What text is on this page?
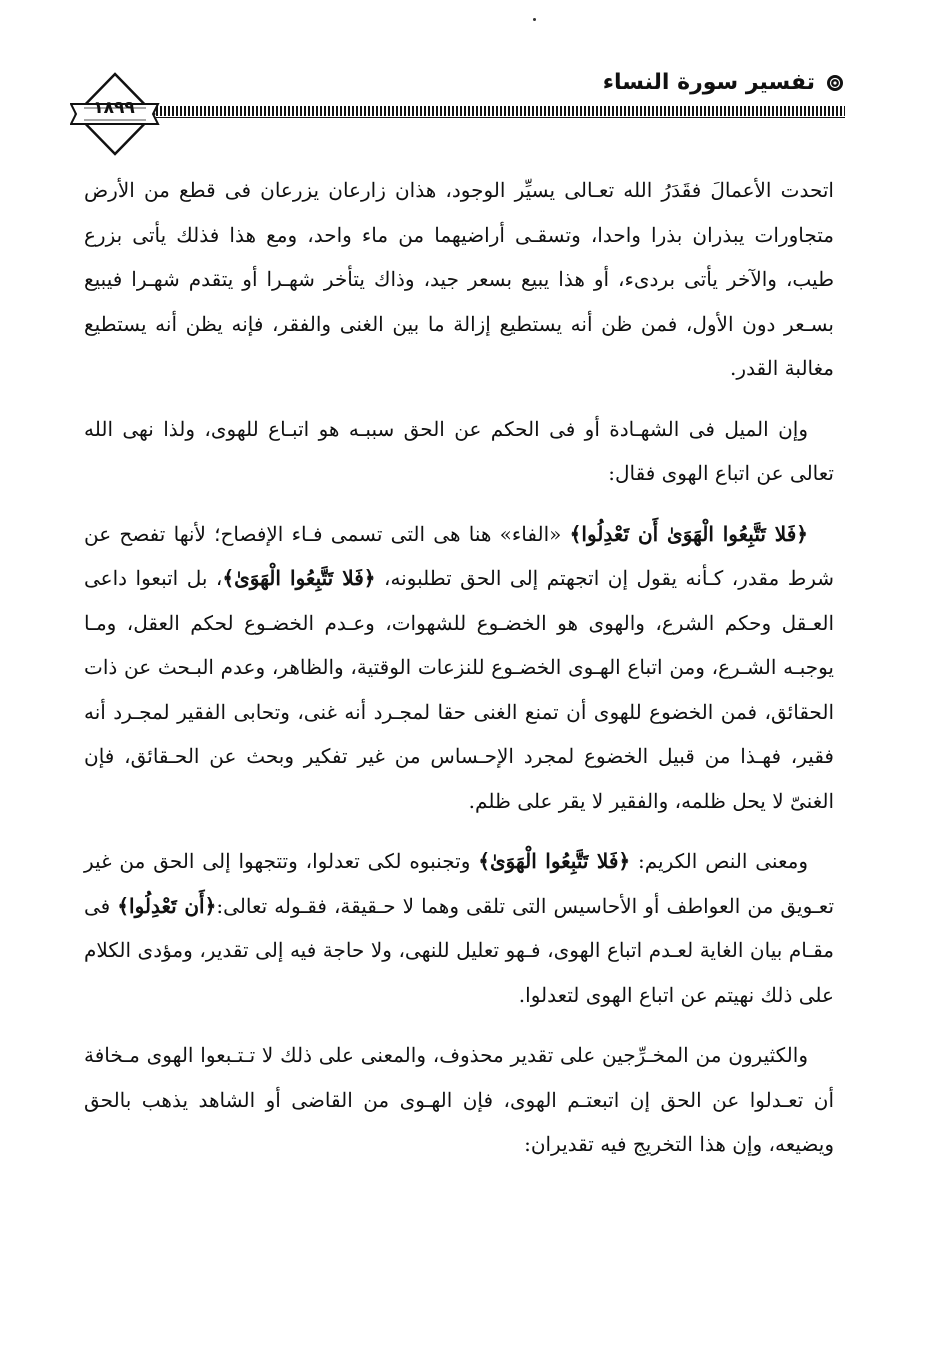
تفسير سورة النساء
١٨٩٩

اتحدت الأعمالَ فقَدَرُ الله تعـالى يسيِّر الوجود، هذان زارعان يزرعان فى قطع من الأرض متجاورات يبذران بذرا واحدا، وتسقـى أراضيهما من ماء واحد، ومع هذا فذلك يأتى بزرع طيب، والآخر يأتى بردىء، أو هذا يبيع بسعر جيد، وذاك يتأخر شهـرا أو يتقدم شهـرا فيبيع بسـعر دون الأول، فمن ظن أنه يستطيع إزالة ما بين الغنى والفقر، فإنه يظن أنه يستطيع مغالبة القدر.

وإن الميل فى الشهـادة أو فى الحكم عن الحق سببـه هو اتبـاع للهوى، ولذا نهى الله تعالى عن اتباع الهوى فقال:

﴿فَلا تَتَّبِعُوا الْهَوَىٰ أَن تَعْدِلُوا﴾ «الفاء» هنا هى التى تسمى فـاء الإفصاح؛ لأنها تفصح عن شرط مقدر، كـأنه يقول إن اتجهتم إلى الحق تطلبونه، ﴿فَلا تَتَّبِعُوا الْهَوَىٰ﴾، بل اتبعوا داعى العـقل وحكم الشرع، والهوى هو الخضـوع للشهوات، وعـدم الخضـوع لحكم العقل، ومـا يوجبـه الشـرع، ومن اتباع الهـوى الخضـوع للنزعات الوقتية، والظاهر، وعدم البـحث عن ذات الحقائق، فمن الخضوع للهوى أن تمنع الغنى حقا لمجـرد أنه غنى، وتحابى الفقير لمجـرد أنه فقير، فهـذا من قبيل الخضوع لمجرد الإحـساس من غير تفكير وبحث عن الحـقائق، فإن الغنىّ لا يحل ظلمه، والفقير لا يقر على ظلم.

ومعنى النص الكريم: ﴿فَلا تَتَّبِعُوا الْهَوَىٰ﴾ وتجنبوه لكى تعدلوا، وتتجهوا إلى الحق من غير تعـويق من العواطف أو الأحاسيس التى تلقى وهما لا حـقيقة، فقـوله تعالى:﴿أَن تَعْدِلُوا﴾ فى مقـام بيان الغاية لعـدم اتباع الهوى، فـهو تعليل للنهى، ولا حاجة فيه إلى تقدير، ومؤدى الكلام على ذلك نهيتم عن اتباع الهوى لتعدلوا.

والكثيرون من المخـرِّجين على تقدير محذوف، والمعنى على ذلك لا تـتـبعوا الهوى مـخافة أن تعـدلوا عن الحق إن اتبعتـم الهوى، فإن الهـوى من القاضى أو الشاهد يذهب بالحق ويضيعه، وإن هذا التخريج فيه تقديران:
